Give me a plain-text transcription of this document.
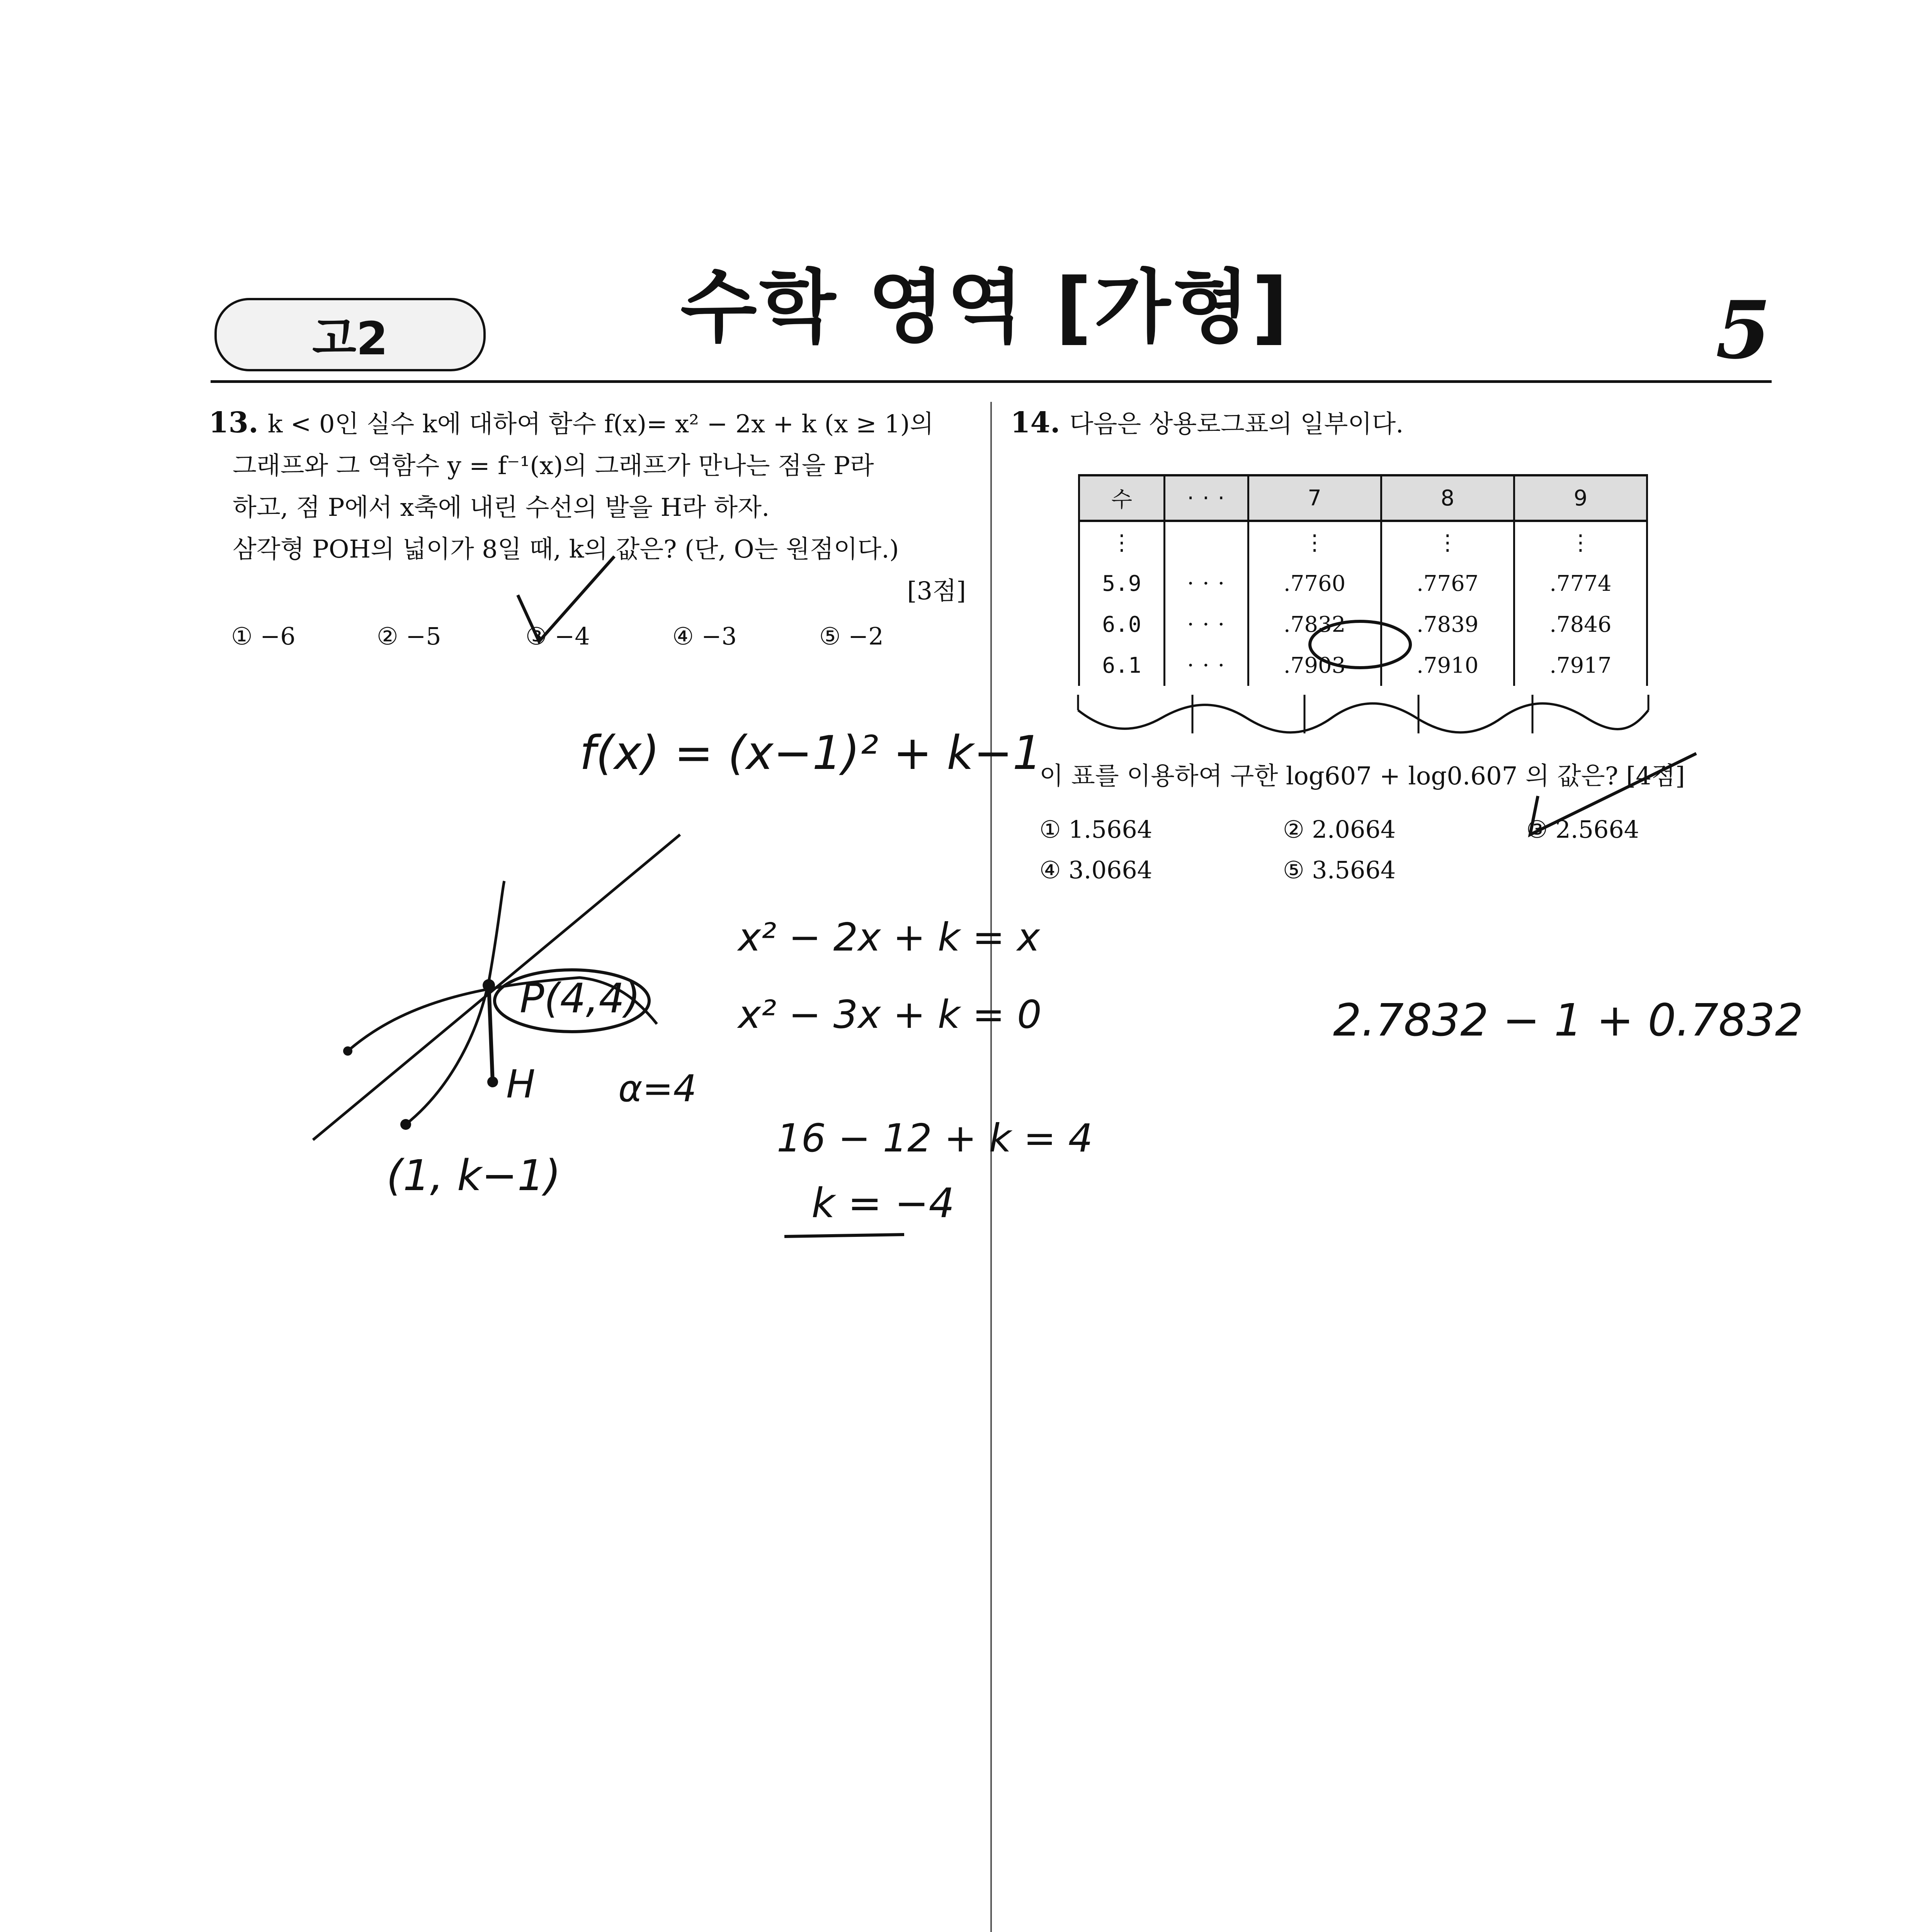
고2	수학 영역 [가형]	5
13. k < 0인 실수 k에 대하여 함수 f(x)= x² − 2x + k (x ≥ 1)의
그래프와 그 역함수 y = f⁻¹(x)의 그래프가 만나는 점을 P라
하고, 점 P에서 x축에 내린 수선의 발을 H라 하자.
삼각형 POH의 넓이가 8일 때, k의 값은? (단, O는 원점이다.)
[3점]
① −6	② −5	③ −4	④ −3	⑤ −2
14. 다음은 상용로그표의 일부이다.
수	· · ·	7	8	9
⋮		⋮	⋮	⋮
5.9	· · ·	.7760	.7767	.7774
6.0	· · ·	.7832	.7839	.7846
6.1	· · ·	.7903	.7910	.7917
이 표를 이용하여 구한 log607 + log0.607 의 값은? [4점]
① 1.5664	② 2.0664	③ 2.5664
④ 3.0664	⑤ 3.5664
f(x) = (x−1)² + k−1
P(4,4)
H α=4
(1, k−1)
x² − 2x + k = x
x² − 3x + k = 0
16 − 12 + k = 4
k = −4
2.7832 − 1 + 0.7832
